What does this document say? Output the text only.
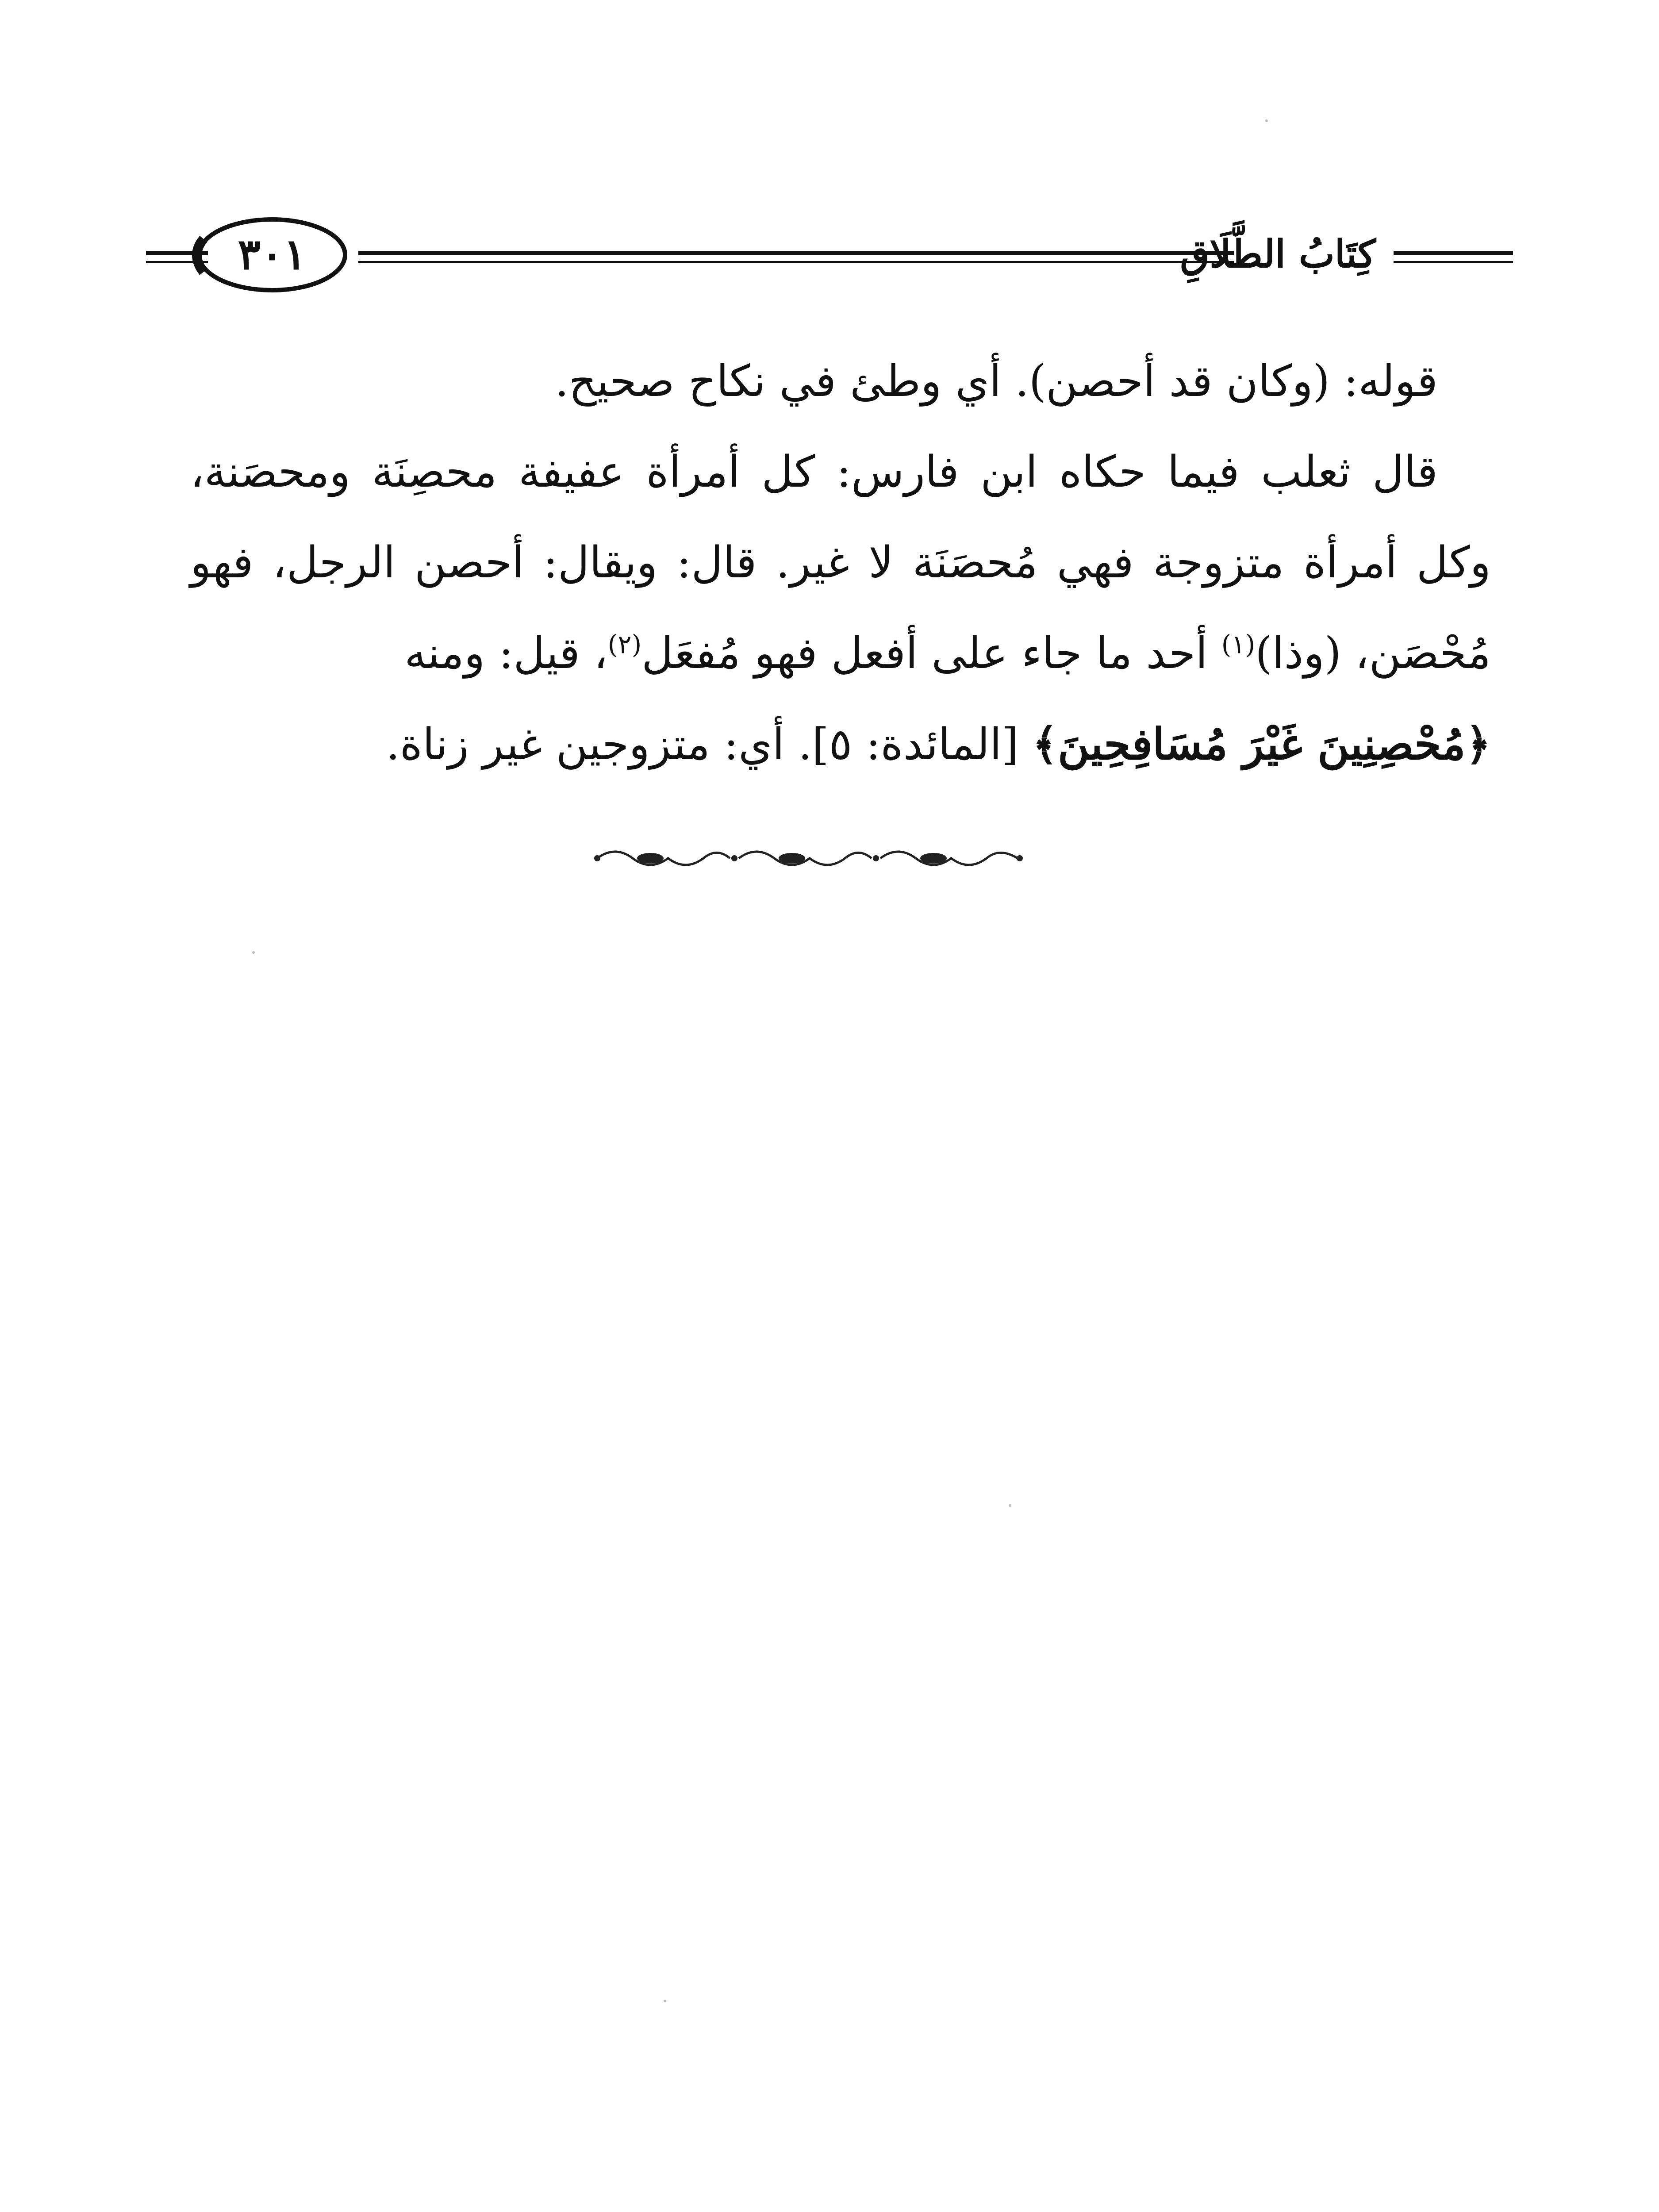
كِتَابُ الطَّلَاقِ
٣٠١

قوله: (وكان قد أحصن). أي وطئ في نكاح صحيح.

قال ثعلب فيما حكاه ابن فارس: كل أمرأة عفيفة محصِنَة ومحصَنة، وكل أمرأة متزوجة فهي مُحصَنَة لا غير. قال: ويقال: أحصن الرجل، فهو مُحْصَن، (وذا)$^{(١)}$ أحد ما جاء على أفعل فهو مُفعَل$^{(٢)}$، قيل: ومنه

﴿مُحْصِنِينَ غَيْرَ مُسَافِحِينَ﴾ [المائدة: ٥]. أي: متزوجين غير زناة.
